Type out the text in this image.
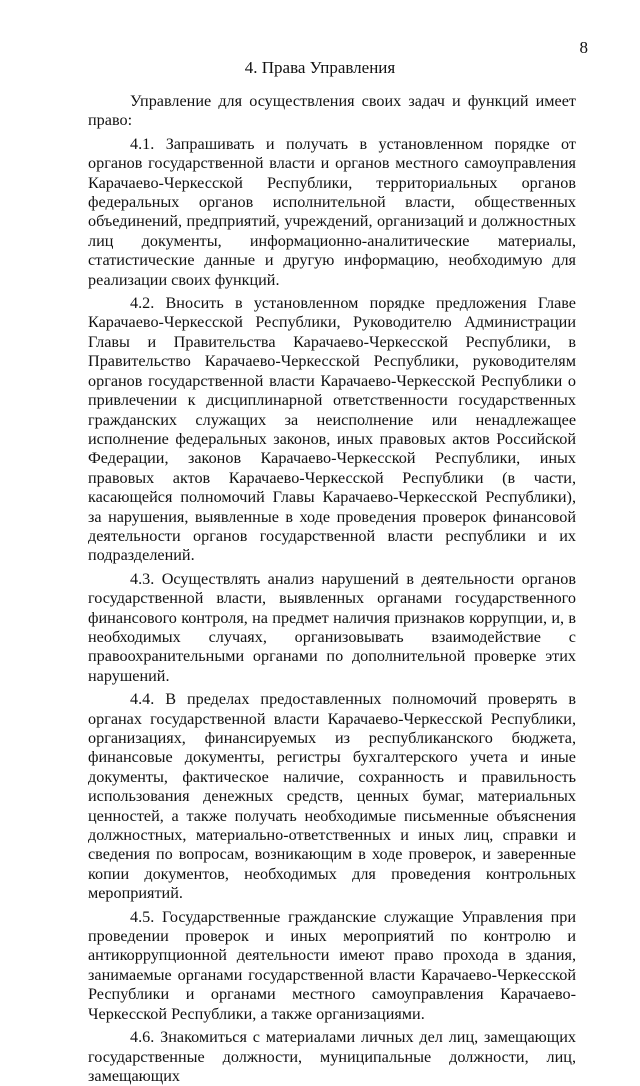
8
4. Права Управления

Управление для осуществления своих задач и функций имеет право:

4.1. Запрашивать и получать в установленном порядке от органов государственной власти и органов местного самоуправления Карачаево-Черкесской Республики, территориальных органов федеральных органов исполнительной власти, общественных объединений, предприятий, учреждений, организаций и должностных лиц документы, информационно-аналитические материалы, статистические данные и другую информацию, необходимую для реализации своих функций.

4.2. Вносить в установленном порядке предложения Главе Карачаево-Черкесской Республики, Руководителю Администрации Главы и Правительства Карачаево-Черкесской Республики, в Правительство Карачаево-Черкесской Республики, руководителям органов государственной власти Карачаево-Черкесской Республики о привлечении к дисциплинарной ответственности государственных гражданских служащих за неисполнение или ненадлежащее исполнение федеральных законов, иных правовых актов Российской Федерации, законов Карачаево-Черкесской Республики, иных правовых актов Карачаево-Черкесской Республики (в части, касающейся полномочий Главы Карачаево-Черкесской Республики), за нарушения, выявленные в ходе проведения проверок финансовой деятельности органов государственной власти республики и их подразделений.

4.3. Осуществлять анализ нарушений в деятельности органов государственной власти, выявленных органами государственного финансового контроля, на предмет наличия признаков коррупции, и, в необходимых случаях, организовывать взаимодействие с правоохранительными органами по дополнительной проверке этих нарушений.

4.4. В пределах предоставленных полномочий проверять в органах государственной власти Карачаево-Черкесской Республики, организациях, финансируемых из республиканского бюджета, финансовые документы, регистры бухгалтерского учета и иные документы, фактическое наличие, сохранность и правильность использования денежных средств, ценных бумаг, материальных ценностей, а также получать необходимые письменные объяснения должностных, материально-ответственных и иных лиц, справки и сведения по вопросам, возникающим в ходе проверок, и заверенные копии документов, необходимых для проведения контрольных мероприятий.

4.5. Государственные гражданские служащие Управления при проведении проверок и иных мероприятий по контролю и антикоррупционной деятельности имеют право прохода в здания, занимаемые органами государственной власти Карачаево-Черкесской Республики и органами местного самоуправления Карачаево-Черкесской Республики, а также организациями.

4.6. Знакомиться с материалами личных дел лиц, замещающих государственные должности, муниципальные должности, лиц, замещающих
